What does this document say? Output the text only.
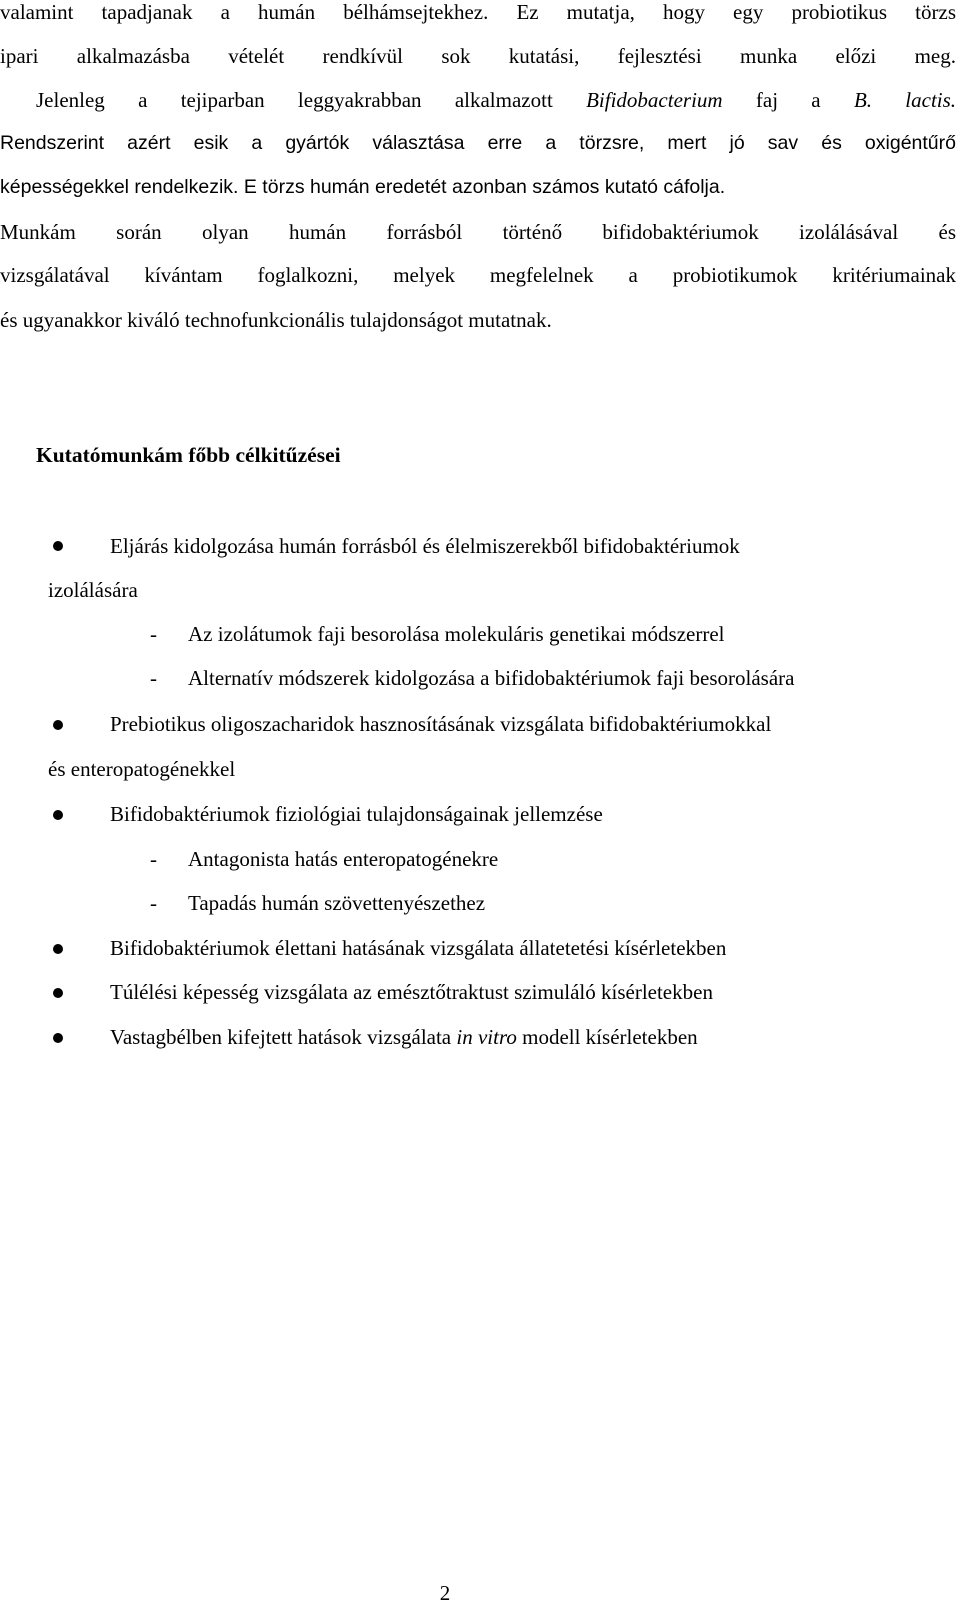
valamint tapadjanak a humán bélhámsejtekhez. Ez mutatja, hogy egy probiotikus törzs
ipari alkalmazásba vételét rendkívül sok kutatási, fejlesztési munka előzi meg.
Jelenleg a tejiparban leggyakrabban alkalmazott Bifidobacterium faj a B. lactis.
Rendszerint azért esik a gyártók választása erre a törzsre, mert jó sav és oxigéntűrő
képességekkel rendelkezik. E törzs humán eredetét azonban számos kutató cáfolja.
Munkám során olyan humán forrásból történő bifidobaktériumok izolálásával és
vizsgálatával kívántam foglalkozni, melyek megfelelnek a probiotikumok kritériumainak
és ugyanakkor kiváló technofunkcionális tulajdonságot mutatnak.
Kutatómunkám főbb célkitűzései
Eljárás kidolgozása humán forrásból és élelmiszerekből bifidobaktériumok
izolálására
- Az izolátumok faji besorolása molekuláris genetikai módszerrel
- Alternatív módszerek kidolgozása a bifidobaktériumok faji besorolására
Prebiotikus oligoszacharidok hasznosításának vizsgálata bifidobaktériumokkal
és enteropatogénekkel
Bifidobaktériumok fiziológiai tulajdonságainak jellemzése
- Antagonista hatás enteropatogénekre
- Tapadás humán szövettenyészethez
Bifidobaktériumok élettani hatásának vizsgálata állatetetési kísérletekben
Túlélési képesség vizsgálata az emésztőtraktust szimuláló kísérletekben
Vastagbélben kifejtett hatások vizsgálata in vitro modell kísérletekben
2
